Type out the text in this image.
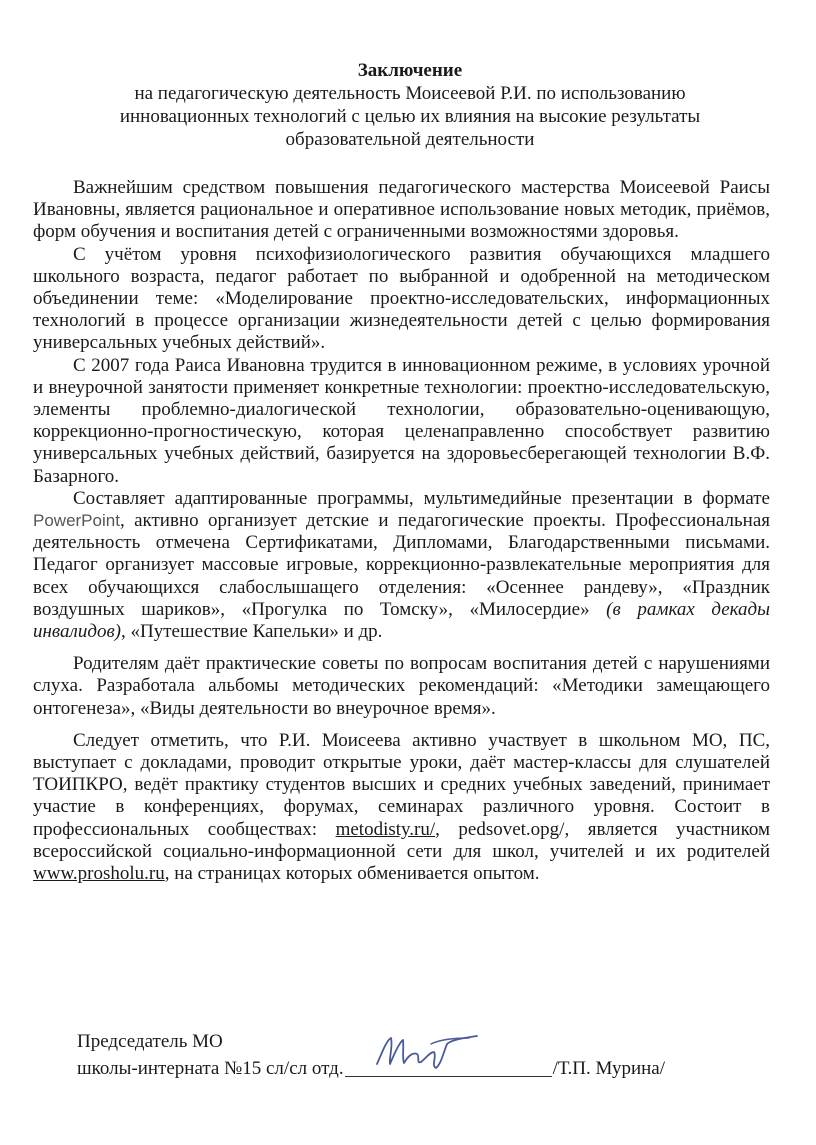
Заключение
на педагогическую деятельность Моисеевой Р.И. по использованию
инновационных технологий с целью их влияния на высокие результаты
образовательной деятельности

Важнейшим средством повышения педагогического мастерства Моисеевой Раисы Ивановны, является рациональное и оперативное использование новых методик, приёмов, форм обучения и воспитания детей с ограниченными возможностями здоровья.

С учётом уровня психофизиологического развития обучающихся младшего школьного возраста, педагог работает по выбранной и одобренной на методическом объединении теме: «Моделирование проектно-исследовательских, информационных технологий в процессе организации жизнедеятельности детей с целью формирования универсальных учебных действий».

С 2007 года Раиса Ивановна трудится в инновационном режиме, в условиях урочной и внеурочной занятости применяет конкретные технологии: проектно-исследовательскую, элементы проблемно-диалогической технологии, образовательно-оценивающую, коррекционно-прогностическую, которая целенаправленно способствует развитию универсальных учебных действий, базируется на здоровьесберегающей технологии В.Ф. Базарного.

Составляет адаптированные программы, мультимедийные презентации в формате PowerPoint, активно организует детские и педагогические проекты. Профессиональная деятельность отмечена Сертификатами, Дипломами, Благодарственными письмами. Педагог организует массовые игровые, коррекционно-развлекательные мероприятия для всех обучающихся слабослышащего отделения: «Осеннее рандеву», «Праздник воздушных шариков», «Прогулка по Томску», «Милосердие» (в рамках декады инвалидов), «Путешествие Капельки» и др.

Родителям даёт практические советы по вопросам воспитания детей с нарушениями слуха. Разработала альбомы методических рекомендаций: «Методики замещающего онтогенеза», «Виды деятельности во внеурочное время».

Следует отметить, что Р.И. Моисеева активно участвует в школьном МО, ПС, выступает с докладами, проводит открытые уроки, даёт мастер-классы для слушателей ТОИПКРО, ведёт практику студентов высших и средних учебных заведений, принимает участие в конференциях, форумах, семинарах различного уровня. Состоит в профессиональных сообществах: metodisty.ru/, pedsovet.opg/, является участником всероссийской социально-информационной сети для школ, учителей и их родителей www.prosholu.ru, на страницах которых обменивается опытом.

Председатель МО
школы-интерната №15 сл/сл отд.	/Т.П. Мурина/
